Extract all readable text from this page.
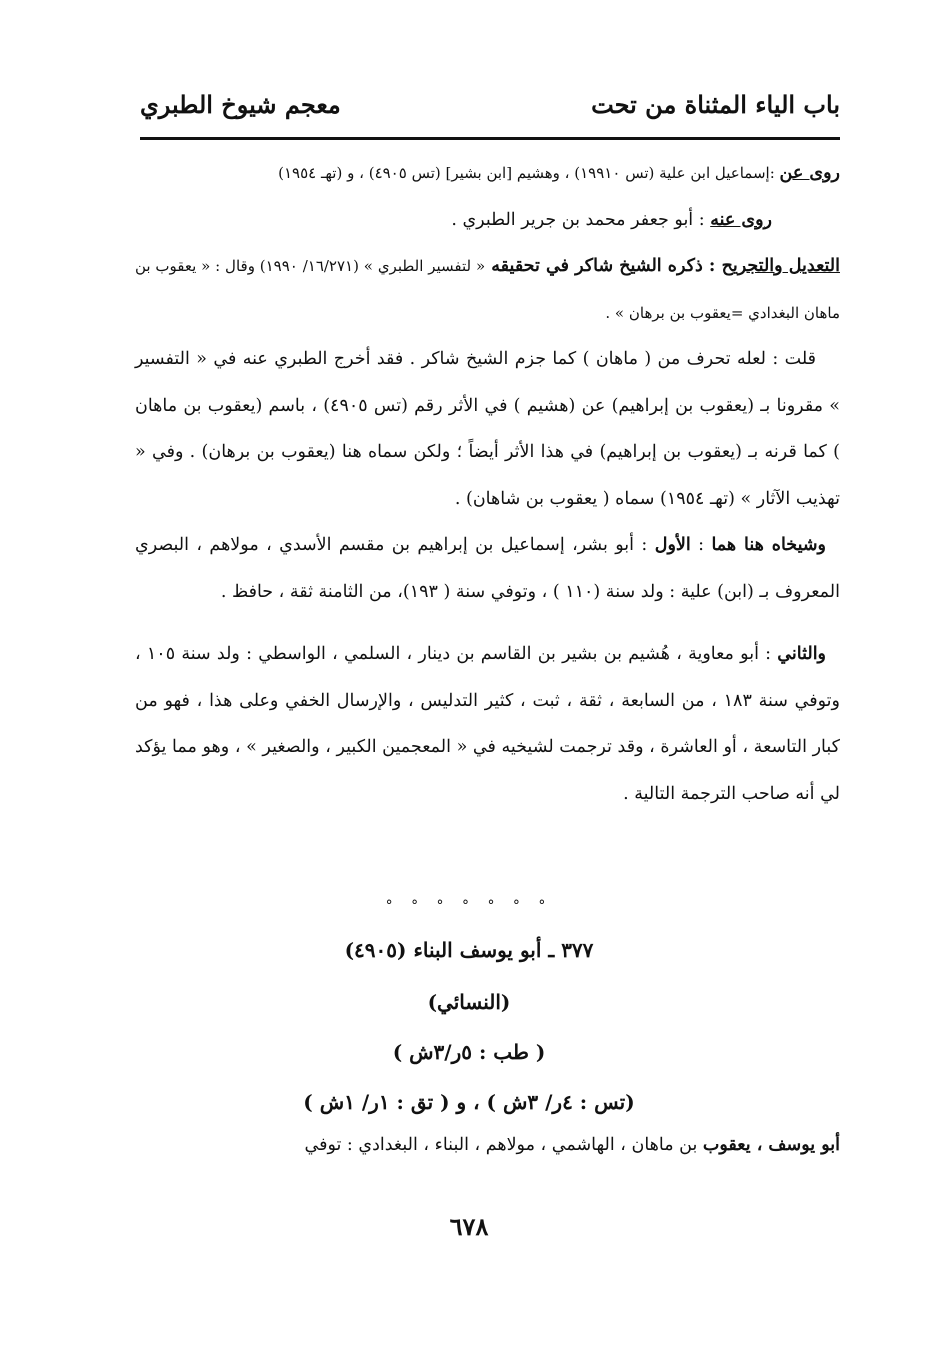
باب الياء المثناة من تحت
معجم شيوخ الطبري

روى عن :إسماعيل ابن علية (تس ١٩٩١٠) ، وهشيم [ابن بشير] (تس ٤٩٠٥) ، و (تهـ ١٩٥٤)

روى عنه : أبو جعفر محمد بن جرير الطبري .

التعديل والتجريح : ذكره الشيخ شاكر في تحقيقه « لتفسير الطبري » (١٦/٢٧١/ ١٩٩٠) وقال : « يعقوب بن ماهان البغدادي =يعقوب بن برهان » .

قلت : لعله تحرف من ( ماهان ) كما جزم الشيخ شاكر . فقد أخرج الطبري عنه في « التفسير » مقرونا بـ (يعقوب بن إبراهيم) عن (هشيم ) في الأثر رقم (تس ٤٩٠٥) ، باسم (يعقوب بن ماهان ) كما قرنه بـ (يعقوب بن إبراهيم) في هذا الأثر أيضاً ؛ ولكن سماه هنا (يعقوب بن برهان) . وفي « تهذيب الآثار » (تهـ ١٩٥٤) سماه ( يعقوب بن شاهان) .

وشيخاه هنا هما : الأول : أبو بشر، إسماعيل بن إبراهيم بن مقسم الأسدي ، مولاهم ، البصري المعروف بـ (ابن) علية : ولد سنة (١١٠ ) ، وتوفي سنة ( ١٩٣)، من الثامنة ثقة ، حافظ .

والثاني : أبو معاوية ، هُشيم بن بشير بن القاسم بن دينار ، السلمي ، الواسطي : ولد سنة ١٠٥ ، وتوفي سنة ١٨٣ ، من السابعة ، ثقة ، ثبت ، كثير التدليس ، والإرسال الخفي وعلى هذا ، فهو من كبار التاسعة ، أو العاشرة ، وقد ترجمت لشيخيه في « المعجمين الكبير ، والصغير » ، وهو مما يؤكد لي أنه صاحب الترجمة التالية .

° ° ° ° ° ° °
٣٧٧ ـ أبو يوسف البناء (٤٩٠٥)
(النسائي)
( طب : ٥ر/٣ش )
(تس : ٤ر/ ٣ش ) ، و ( تق : ١ر/ ١ش )
أبو يوسف ، يعقوب بن ماهان ، الهاشمي ، مولاهم ، البناء ، البغدادي : توفي
٦٧٨
